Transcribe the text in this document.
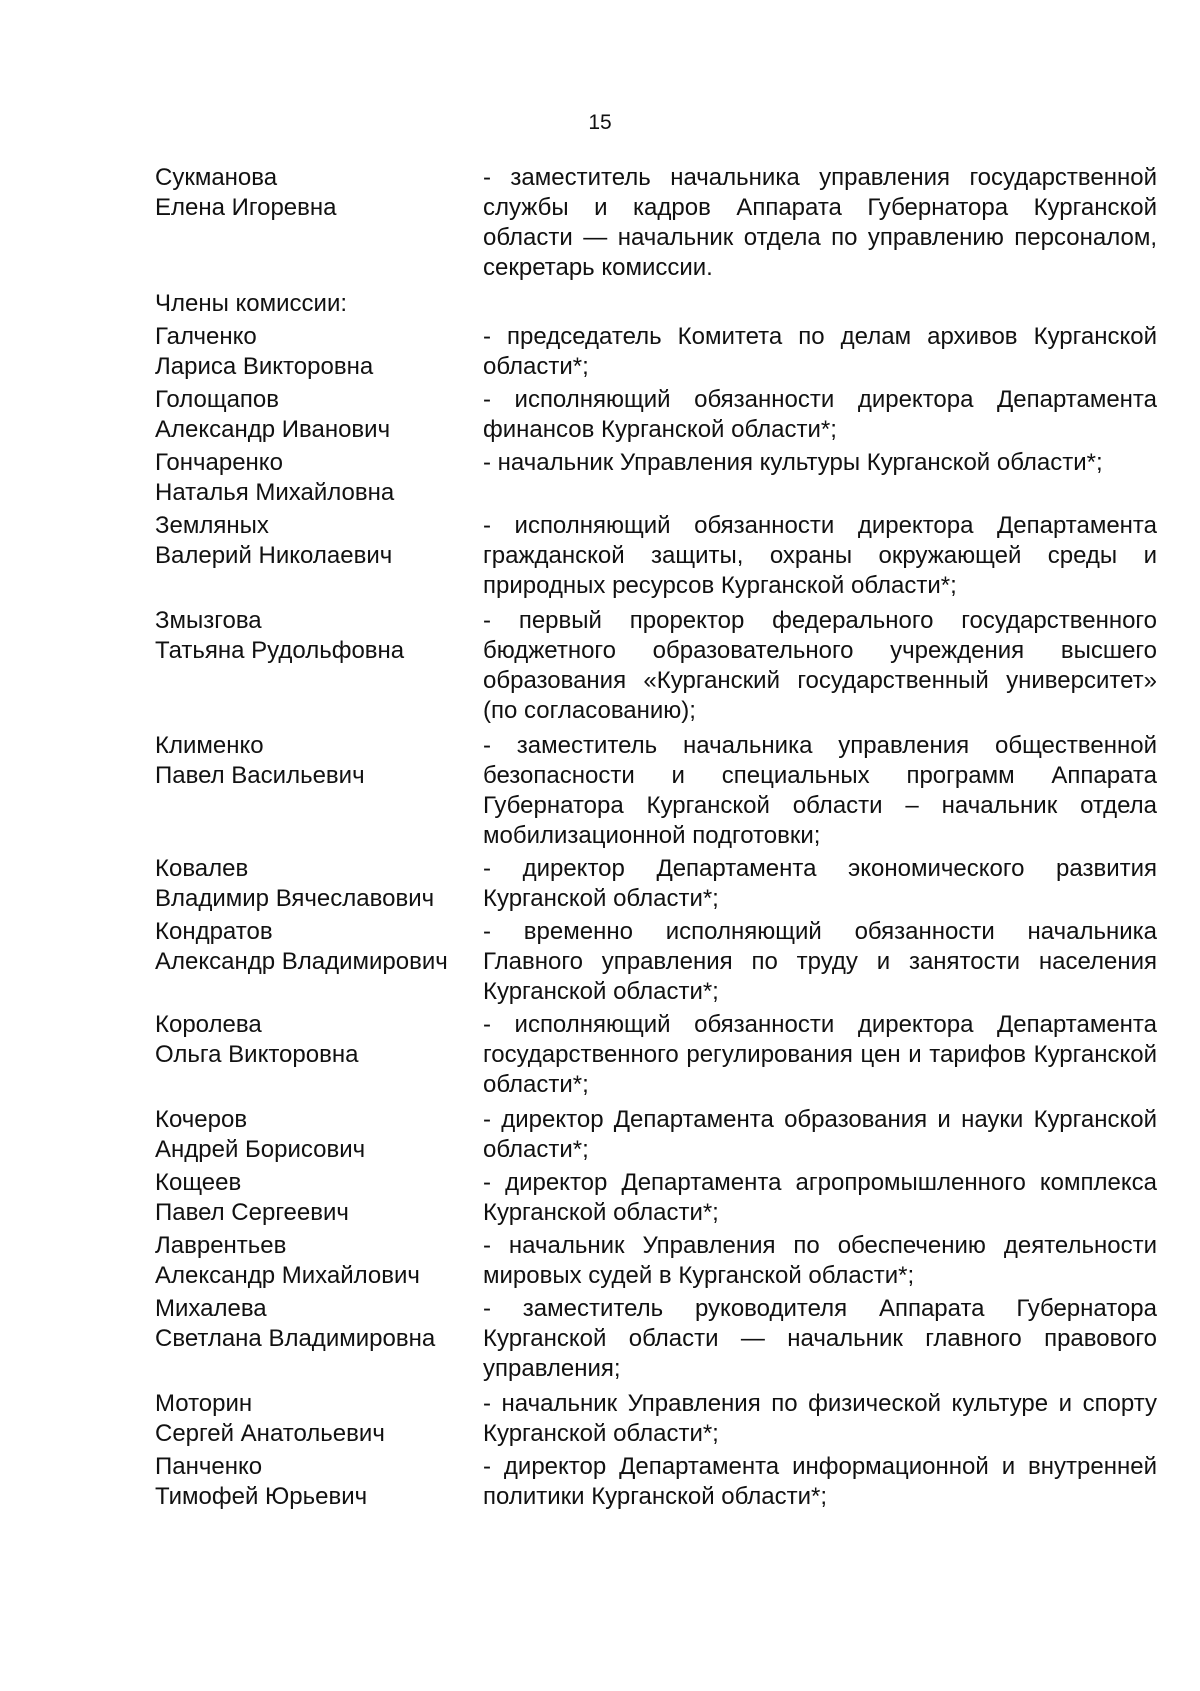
15
Сукманова
Елена Игоревна
- заместитель начальника управления государственной службы и кадров Аппарата Губернатора Курганской области — начальник отдела по управлению персоналом, секретарь комиссии.
Члены комиссии:
Галченко
Лариса Викторовна
- председатель Комитета по делам архивов Курганской области*;
Голощапов
Александр Иванович
- исполняющий обязанности директора Департамента финансов Курганской области*;
Гончаренко
Наталья Михайловна
- начальник Управления культуры Курганской области*;
Земляных
Валерий Николаевич
- исполняющий обязанности директора Департамента гражданской защиты, охраны окружающей среды и природных ресурсов Курганской области*;
Змызгова
Татьяна Рудольфовна
- первый проректор федерального государственного бюджетного образовательного учреждения высшего образования «Курганский государственный университет» (по согласованию);
Клименко
Павел Васильевич
- заместитель начальника управления общественной безопасности и специальных программ Аппарата Губернатора Курганской области – начальник отдела мобилизационной подготовки;
Ковалев
Владимир Вячеславович
- директор Департамента экономического развития Курганской области*;
Кондратов
Александр Владимирович
- временно исполняющий обязанности начальника Главного управления по труду и занятости населения Курганской области*;
Королева
Ольга Викторовна
- исполняющий обязанности директора Департамента государственного регулирования цен и тарифов Курганской области*;
Кочеров
Андрей Борисович
- директор Департамента образования и науки Курганской области*;
Кощеев
Павел Сергеевич
- директор Департамента агропромышленного комплекса Курганской области*;
Лаврентьев
Александр Михайлович
- начальник Управления по обеспечению деятельности мировых судей в Курганской области*;
Михалева
Светлана Владимировна
- заместитель руководителя Аппарата Губернатора Курганской области — начальник главного правового управления;
Моторин
Сергей Анатольевич
- начальник Управления по физической культуре и спорту Курганской области*;
Панченко
Тимофей Юрьевич
- директор Департамента информационной и внутренней политики Курганской области*;
